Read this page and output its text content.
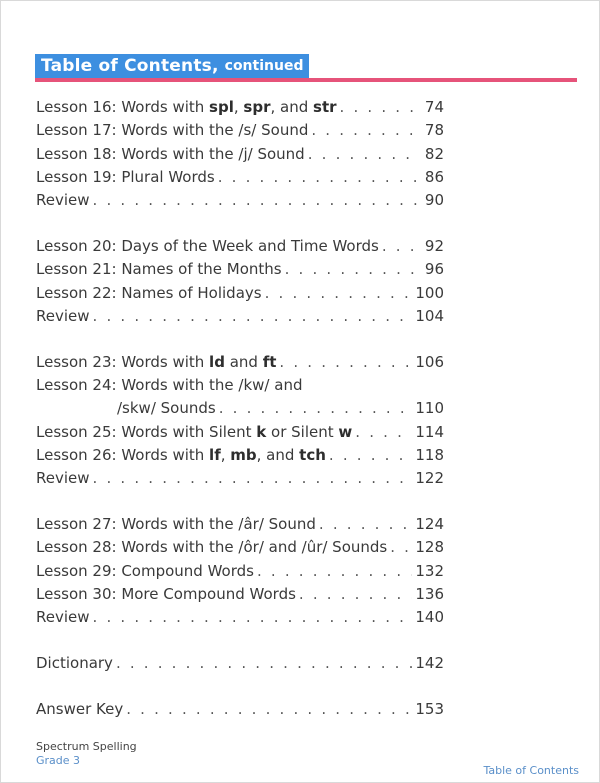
Table of Contents, continued
Lesson 16: Words with spl, spr, and str . . .	74
Lesson 17: Words with the /s/ Sound . . .	78
Lesson 18: Words with the /j/ Sound . . .	82
Lesson 19: Plural Words . . .	86
Review . . .	90
Lesson 20: Days of the Week and Time Words . . .	92
Lesson 21: Names of the Months . . .	96
Lesson 22: Names of Holidays . . .	100
Review . . .	104
Lesson 23: Words with ld and ft . . .	106
Lesson 24: Words with the /kw/ and
/skw/ Sounds . . .	110
Lesson 25: Words with Silent k or Silent w . . .	114
Lesson 26: Words with lf, mb, and tch . . .	118
Review . . .	122
Lesson 27: Words with the /âr/ Sound . . .	124
Lesson 28: Words with the /ôr/ and /ûr/ Sounds . . . 128
Lesson 29: Compound Words . . .	132
Lesson 30: More Compound Words . . .	136
Review . . .	140
Dictionary . . .	142
Answer Key . . .	153
Spectrum Spelling
Grade 3
Table of Contents
